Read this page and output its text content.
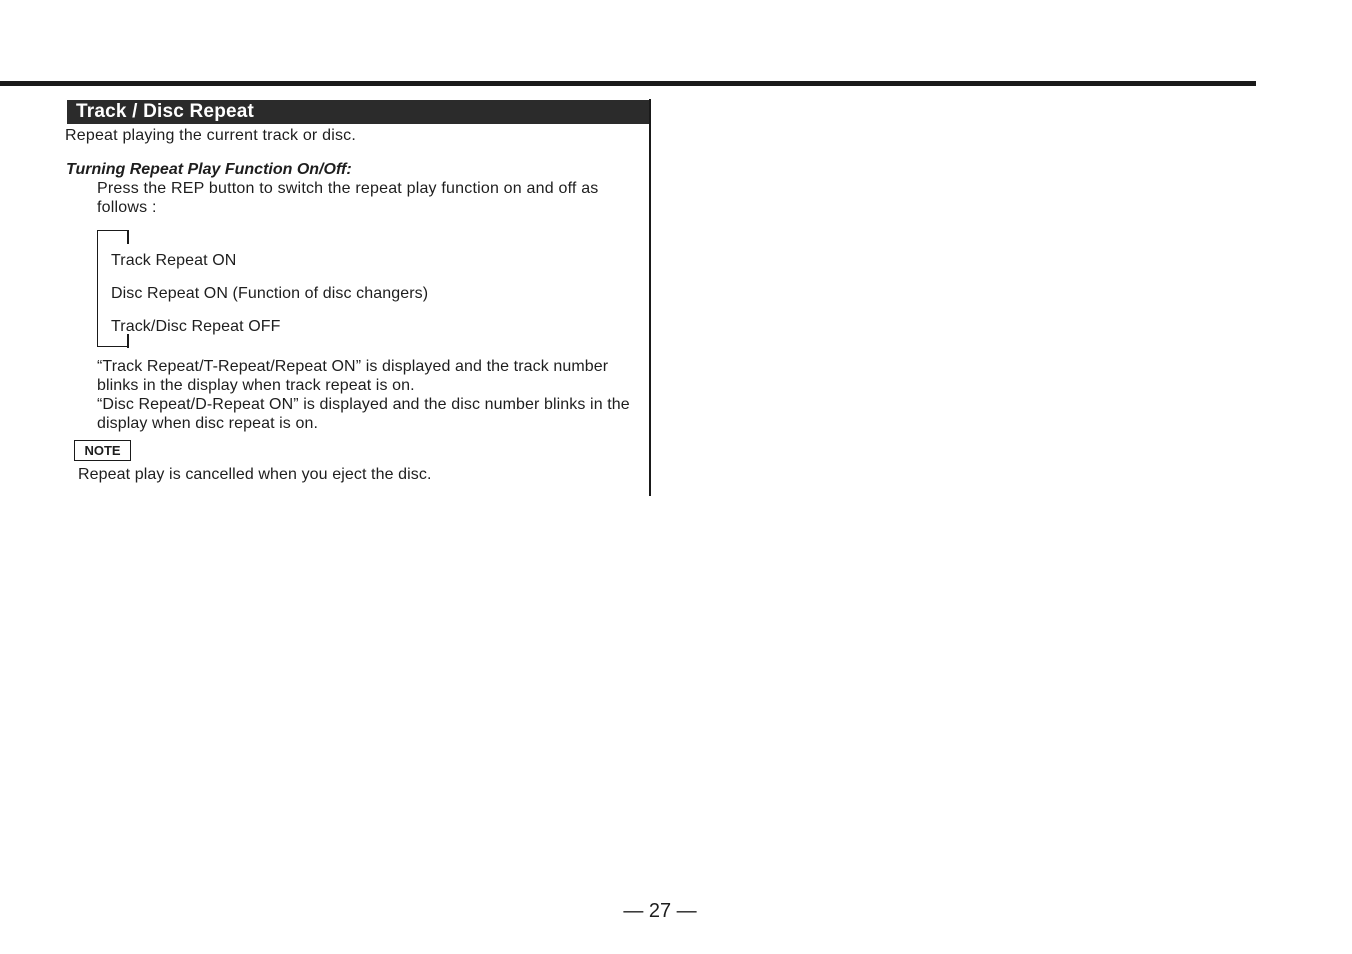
Track / Disc Repeat
Repeat playing the current track or disc.
Turning Repeat Play Function On/Off:
Press the REP button to switch the repeat play function on and off as follows :
Track Repeat ON
Disc Repeat ON (Function of disc changers)
Track/Disc Repeat OFF

“Track Repeat/T-Repeat/Repeat ON” is displayed and the track number blinks in the display when track repeat is on.

“Disc Repeat/D-Repeat ON” is displayed and the disc number blinks in the display when disc repeat is on.

NOTE
Repeat play is cancelled when you eject the disc.
— 27 —
